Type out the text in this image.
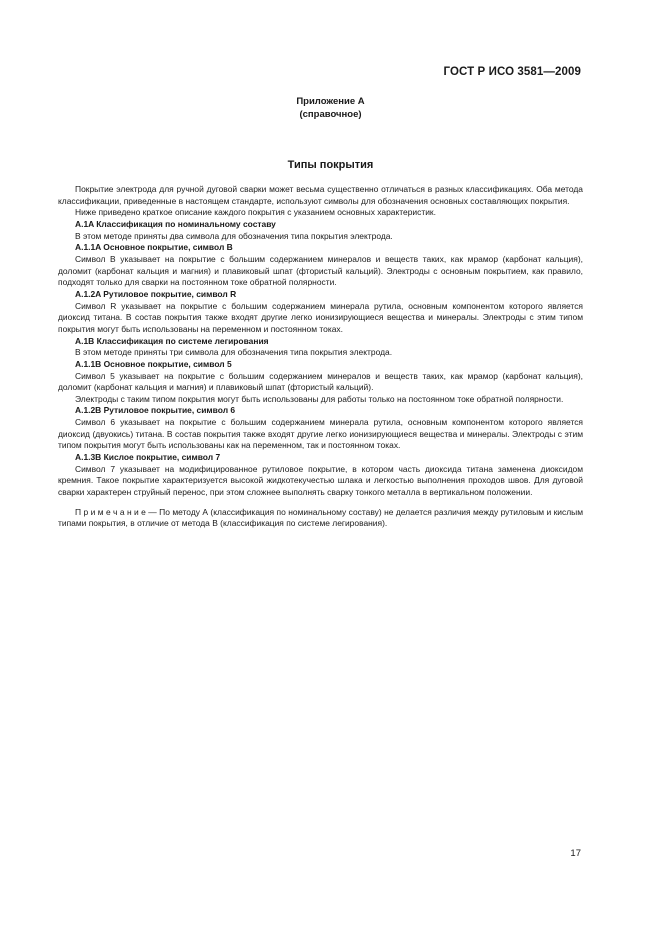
ГОСТ Р ИСО 3581—2009
Приложение А
(справочное)
Типы покрытия

Покрытие электрода для ручной дуговой сварки может весьма существенно отличаться в разных классификациях. Оба метода классификации, приведенные в настоящем стандарте, используют символы для обозначения основных составляющих покрытия.

Ниже приведено краткое описание каждого покрытия с указанием основных характеристик.

A.1A Классификация по номинальному составу

В этом методе приняты два символа для обозначения типа покрытия электрода.

A.1.1A Основное покрытие, символ В

Символ В указывает на покрытие с большим содержанием минералов и веществ таких, как мрамор (карбонат кальция), доломит (карбонат кальция и магния) и плавиковый шпат (фтористый кальций). Электроды с основным покрытием, как правило, подходят только для сварки на постоянном токе обратной полярности.

A.1.2A Рутиловое покрытие, символ R

Символ R указывает на покрытие с большим содержанием минерала рутила, основным компонентом которого является диоксид титана. В состав покрытия также входят другие легко ионизирующиеся вещества и минералы. Электроды с этим типом покрытия могут быть использованы на переменном и постоянном токах.

A.1B Классификация по системе легирования

В этом методе приняты три символа для обозначения типа покрытия электрода.

A.1.1B Основное покрытие, символ 5

Символ 5 указывает на покрытие с большим содержанием минералов и веществ таких, как мрамор (карбонат кальция), доломит (карбонат кальция и магния) и плавиковый шпат (фтористый кальций).

Электроды с таким типом покрытия могут быть использованы для работы только на постоянном токе обратной полярности.

A.1.2B Рутиловое покрытие, символ 6

Символ 6 указывает на покрытие с большим содержанием минерала рутила, основным компонентом которого является диоксид (двуокись) титана. В состав покрытия также входят другие легко ионизирующиеся вещества и минералы. Электроды с этим типом покрытия могут быть использованы как на переменном, так и постоянном токах.

A.1.3B Кислое покрытие, символ 7

Символ 7 указывает на модифицированное рутиловое покрытие, в котором часть диоксида титана заменена диоксидом кремния. Такое покрытие характеризуется высокой жидкотекучестью шлака и легкостью выполнения проходов швов. Для дуговой сварки характерен струйный перенос, при этом сложнее выполнять сварку тонкого металла в вертикальном положении.

П р и м е ч а н и е — По методу А (классификация по номинальному составу) не делается различия между рутиловым и кислым типами покрытия, в отличие от метода В (классификация по системе легирования).

17
